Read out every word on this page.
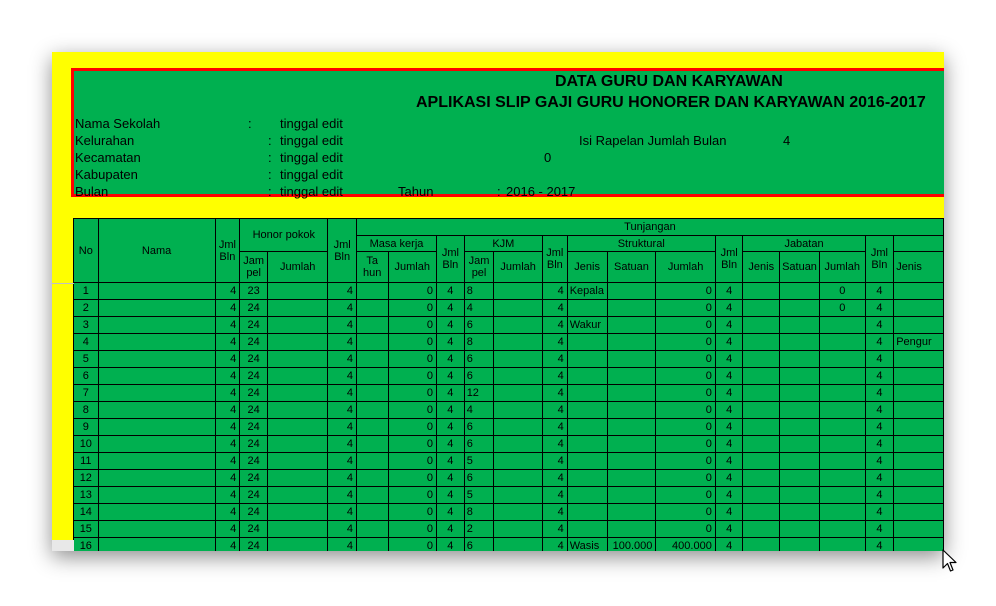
DATA GURU DAN KARYAWAN
APLIKASI SLIP GAJI GURU HONORER DAN KARYAWAN 2016-2017
Nama Sekolah	: tinggal edit
Kelurahan	: tinggal edit
Kecamatan	: tinggal edit
Kabupaten	: tinggal edit
Bulan	: tinggal edit
Isi Rapelan Jumlah Bulan	4
0
Tahun	: 2016 - 2017
No	Nama	Jml Bln	Honor pokok		Jml Bln	Tunjangan														
						Masa kerja		Jml Bln	KJM		Jml Bln	Struktural			Jml Bln	Jabatan			Jml Bln	
			Jam pel	Jumlah		Ta hun	Jumlah		Jam pel	Jumlah		Jenis	Satuan	Jumlah		Jenis	Satuan	Jumlah		Jenis
1		4	23		4		0	4	8		4	Kepala		0	4			0	4	
2		4	24		4		0	4	4		4			0	4			0	4	
3		4	24		4		0	4	6		4	Wakur		0	4				4	
4		4	24		4		0	4	8		4			0	4				4	Pengur
5		4	24		4		0	4	6		4			0	4				4	
6		4	24		4		0	4	6		4			0	4				4	
7		4	24		4		0	4	12		4			0	4				4	
8		4	24		4		0	4	4		4			0	4				4	
9		4	24		4		0	4	6		4			0	4				4	
10		4	24		4		0	4	6		4			0	4				4	
11		4	24		4		0	4	5		4			0	4				4	
12		4	24		4		0	4	6		4			0	4				4	
13		4	24		4		0	4	5		4			0	4				4	
14		4	24		4		0	4	8		4			0	4				4	
15		4	24		4		0	4	2		4			0	4				4	
16		4	24		4		0	4	6		4	Wasis	100.000	400.000	4				4	
